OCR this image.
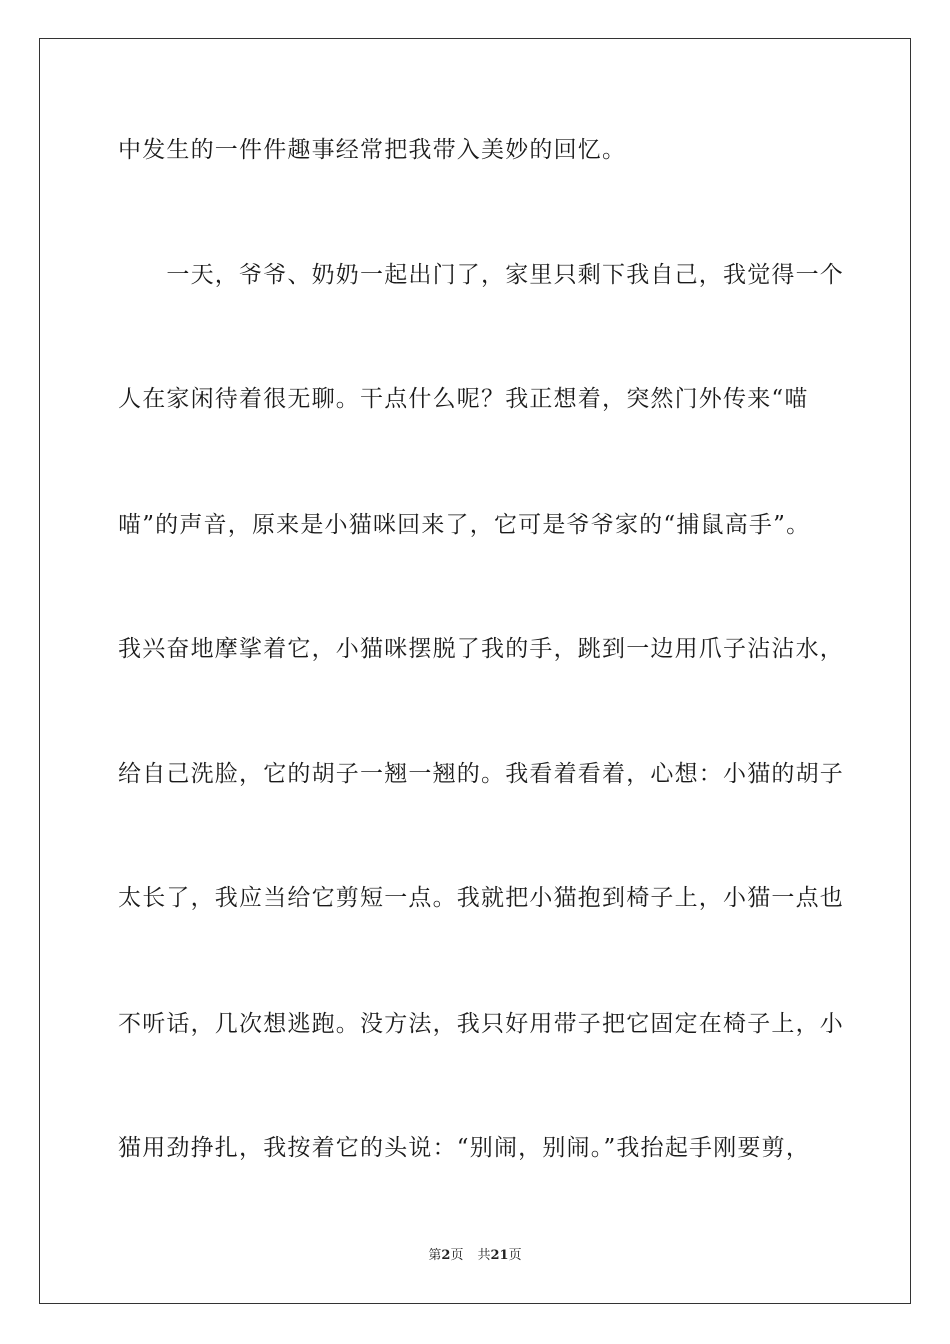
中发生的一件件趣事经常把我带入美妙的回忆。
　　一天，爷爷、奶奶一起出门了，家里只剩下我自己，我觉得一个
人在家闲待着很无聊。干点什么呢？我正想着，突然门外传来“喵
喵”的声音，原来是小猫咪回来了，它可是爷爷家的“捕鼠高手”。
我兴奋地摩挲着它，小猫咪摆脱了我的手，跳到一边用爪子沾沾水，
给自己洗脸，它的胡子一翘一翘的。我看着看着，心想：小猫的胡子
太长了，我应当给它剪短一点。我就把小猫抱到椅子上，小猫一点也
不听话，几次想逃跑。没方法，我只好用带子把它固定在椅子上，小
猫用劲挣扎，我按着它的头说：“别闹，别闹。”我抬起手刚要剪，
第2页 共21页
